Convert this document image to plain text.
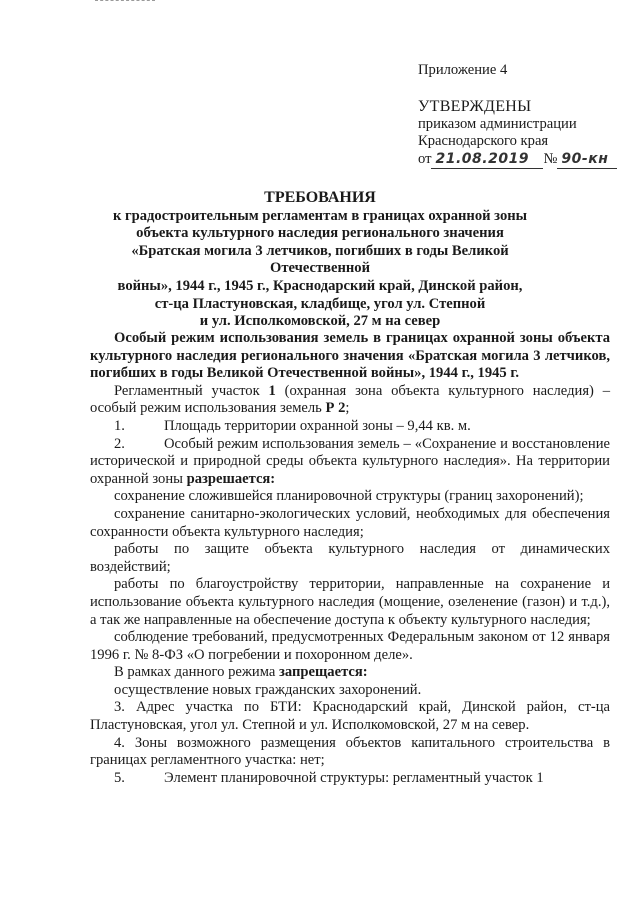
Приложение 4
УТВЕРЖДЕНЫ
приказом администрации
Краснодарского края
от 21.08.2019 № 90-кн
ТРЕБОВАНИЯ
к градостроительным регламентам в границах охранной зоны
объекта культурного наследия регионального значения
«Братская могила 3 летчиков, погибших в годы Великой Отечественной
войны», 1944 г., 1945 г., Краснодарский край, Динской район,
ст-ца Пластуновская, кладбище, угол ул. Степной
и ул. Исполкомовской, 27 м на север

Особый режим использования земель в границах охранной зоны объекта культурного наследия регионального значения «Братская могила 3 летчиков, погибших в годы Великой Отечественной войны», 1944 г., 1945 г.

Регламентный участок 1 (охранная зона объекта культурного наследия) – особый режим использования земель Р 2;

1.	Площадь территории охранной зоны – 9,44 кв. м.

2.	Особый режим использования земель – «Сохранение и восстановление исторической и природной среды объекта культурного наследия». На территории охранной зоны разрешается:

сохранение сложившейся планировочной структуры (границ захоронений);

сохранение санитарно-экологических условий, необходимых для обеспечения сохранности объекта культурного наследия;

работы по защите объекта культурного наследия от динамических воздействий;

работы по благоустройству территории, направленные на сохранение и использование объекта культурного наследия (мощение, озеленение (газон) и т.д.), а так же направленные на обеспечение доступа к объекту культурного наследия;

соблюдение требований, предусмотренных Федеральным законом от 12 января 1996 г. № 8-ФЗ «О погребении и похоронном деле».

В рамках данного режима запрещается:

осуществление новых гражданских захоронений.

3. Адрес участка по БТИ: Краснодарский край, Динской район, ст-ца Пластуновская, угол ул. Степной и ул. Исполкомовской, 27 м на север.

4. Зоны возможного размещения объектов капитального строительства в границах регламентного участка: нет;

5.	Элемент планировочной структуры: регламентный участок 1
